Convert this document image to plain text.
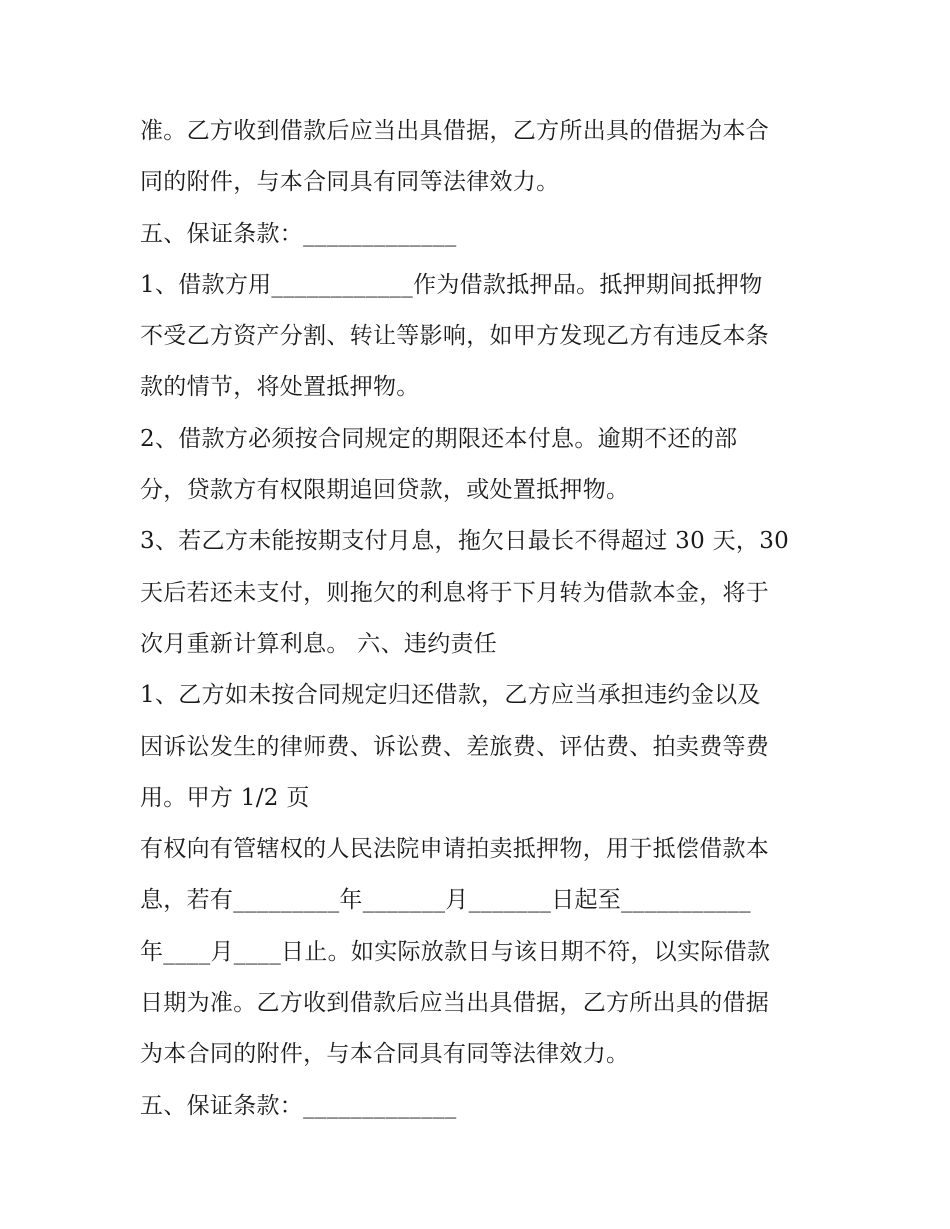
准。乙方收到借款后应当出具借据，乙方所出具的借据为本合
同的附件，与本合同具有同等法律效力。
五、保证条款：_____________
1、借款方用____________作为借款抵押品。抵押期间抵押物
不受乙方资产分割、转让等影响，如甲方发现乙方有违反本条
款的情节，将处置抵押物。
2、借款方必须按合同规定的期限还本付息。逾期不还的部
分，贷款方有权限期追回贷款，或处置抵押物。
3、若乙方未能按期支付月息，拖欠日最长不得超过 30 天，30
天后若还未支付，则拖欠的利息将于下月转为借款本金，将于
次月重新计算利息。 六、违约责任
1、乙方如未按合同规定归还借款，乙方应当承担违约金以及
因诉讼发生的律师费、诉讼费、差旅费、评估费、拍卖费等费
用。甲方 1/2 页
有权向有管辖权的人民法院申请拍卖抵押物，用于抵偿借款本
息，若有_________年_______月_______日起至___________
年____月____日止。如实际放款日与该日期不符，以实际借款
日期为准。乙方收到借款后应当出具借据，乙方所出具的借据
为本合同的附件，与本合同具有同等法律效力。
五、保证条款：_____________
